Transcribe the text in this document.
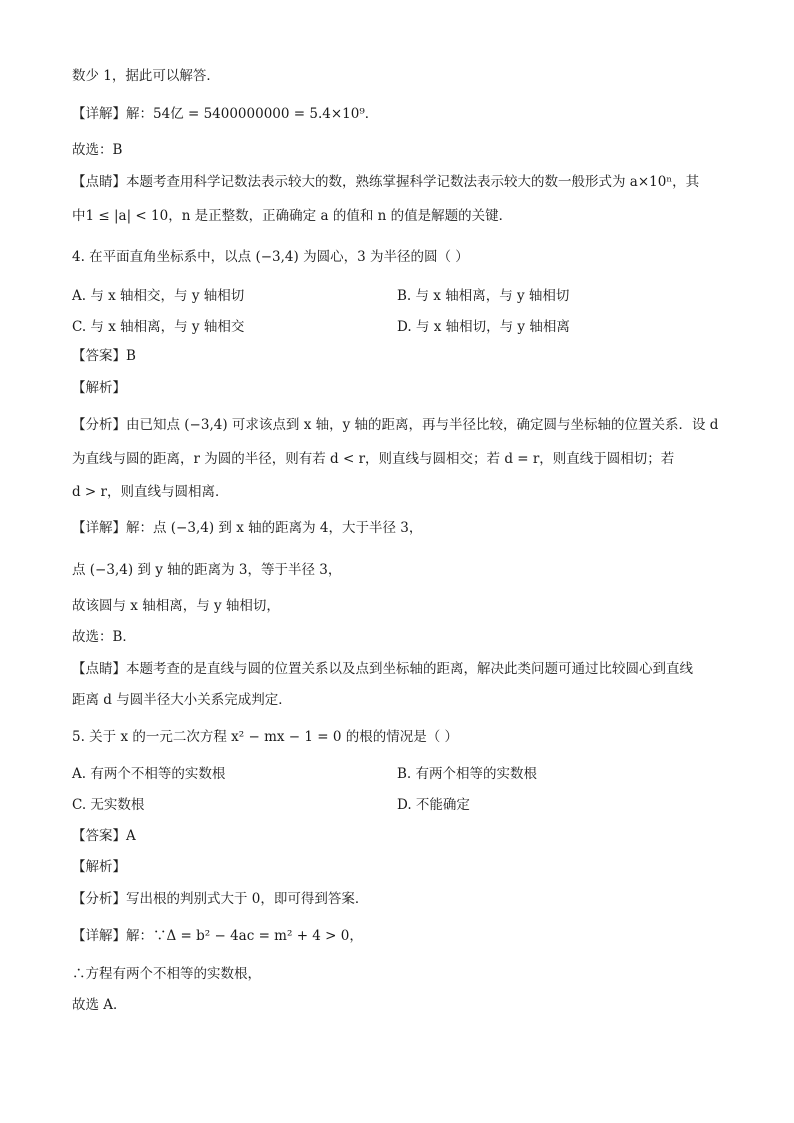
数少 1，据此可以解答．
【详解】解：54亿 = 5400000000 = 5.4×10⁹．
故选：B
【点睛】本题考查用科学记数法表示较大的数，熟练掌握科学记数法表示较大的数一般形式为 a×10ⁿ，其
中1 ≤ |a| < 10，n 是正整数，正确确定 a 的值和 n 的值是解题的关键．
4. 在平面直角坐标系中，以点 (−3,4) 为圆心，3 为半径的圆（ ）
A. 与 x 轴相交，与 y 轴相切	B. 与 x 轴相离，与 y 轴相切
C. 与 x 轴相离，与 y 轴相交	D. 与 x 轴相切，与 y 轴相离
【答案】B
【解析】
【分析】由已知点 (−3,4) 可求该点到 x 轴，y 轴的距离，再与半径比较，确定圆与坐标轴的位置关系．设 d
为直线与圆的距离，r 为圆的半径，则有若 d < r，则直线与圆相交；若 d = r，则直线于圆相切；若
d > r，则直线与圆相离．
【详解】解：点 (−3,4) 到 x 轴的距离为 4，大于半径 3，
点 (−3,4) 到 y 轴的距离为 3，等于半径 3，
故该圆与 x 轴相离，与 y 轴相切，
故选：B．
【点睛】本题考查的是直线与圆的位置关系以及点到坐标轴的距离，解决此类问题可通过比较圆心到直线
距离 d 与圆半径大小关系完成判定．
5. 关于 x 的一元二次方程 x² − mx − 1 = 0 的根的情况是（ ）
A. 有两个不相等的实数根	B. 有两个相等的实数根
C. 无实数根	D. 不能确定
【答案】A
【解析】
【分析】写出根的判别式大于 0，即可得到答案．
【详解】解：∵Δ = b² − 4ac = m² + 4 > 0，
∴方程有两个不相等的实数根，
故选 A．
